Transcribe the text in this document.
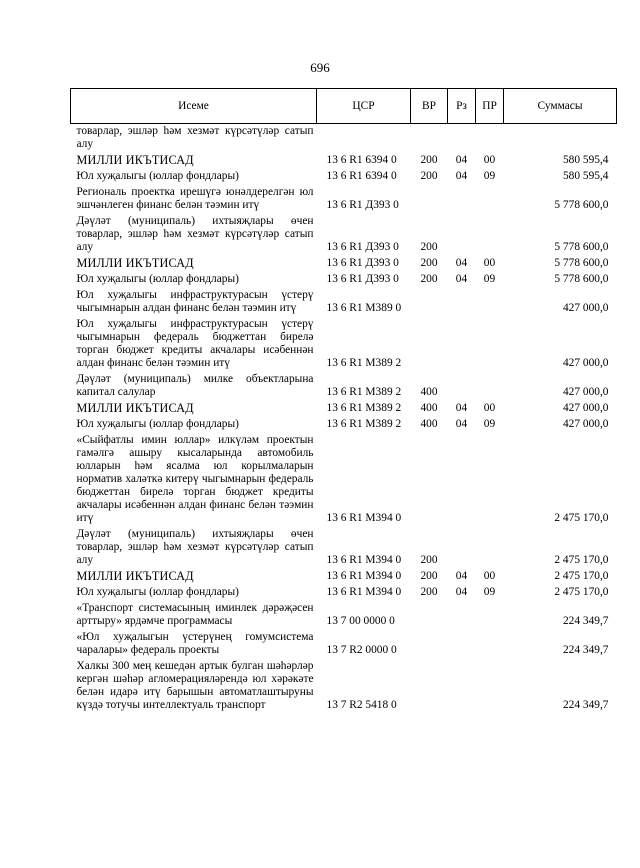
696
Исеме	ЦСР	ВР	Рз	ПР	Суммасы
товарлар, эшләр һәм хезмәт күрсәтүләр сатып алу					
МИЛЛИ ИКЪТИСАД	13 6 R1 6394 0	200	04	00	580 595,4
Юл хуҗалыгы (юллар фондлары)	13 6 R1 6394 0	200	04	09	580 595,4
Региональ проектка ирешүгә юнәлдерелгән юл эшчәнлеген финанс белән тәэмин итү	13 6 R1 Д393 0				5 778 600,0
Дәүләт (муниципаль) ихтыяҗлары өчен товарлар, эшләр һәм хезмәт күрсәтүләр сатып алу	13 6 R1 Д393 0	200			5 778 600,0
МИЛЛИ ИКЪТИСАД	13 6 R1 Д393 0	200	04	00	5 778 600,0
Юл хуҗалыгы (юллар фондлары)	13 6 R1 Д393 0	200	04	09	5 778 600,0
Юл хуҗалыгы инфраструктурасын үстерү чыгымнарын алдан финанс белән тәэмин итү	13 6 R1 M389 0				427 000,0
Юл хуҗалыгы инфраструктурасын үстерү чыгымнарын федераль бюджеттан бирелә торган бюджет кредиты акчалары исәбеннән алдан финанс белән тәэмин итү	13 6 R1 M389 2				427 000,0
Дәүләт (муниципаль) милке объектларына капитал салулар	13 6 R1 M389 2	400			427 000,0
МИЛЛИ ИКЪТИСАД	13 6 R1 M389 2	400	04	00	427 000,0
Юл хуҗалыгы (юллар фондлары)	13 6 R1 M389 2	400	04	09	427 000,0
«Сыйфатлы имин юллар» илкүләм проектын гамәлгә ашыру кысаларында автомобиль юлларын һәм ясалма юл корылмаларын норматив халәткә китерү чыгымнарын федераль бюджеттан бирелә торган бюджет кредиты акчалары исәбеннән алдан финанс белән тәэмин итү	13 6 R1 M394 0				2 475 170,0
Дәүләт (муниципаль) ихтыяҗлары өчен товарлар, эшләр һәм хезмәт күрсәтүләр сатып алу	13 6 R1 M394 0	200			2 475 170,0
МИЛЛИ ИКЪТИСАД	13 6 R1 M394 0	200	04	00	2 475 170,0
Юл хуҗалыгы (юллар фондлары)	13 6 R1 M394 0	200	04	09	2 475 170,0
«Транспорт системасының иминлек дәрәҗәсен арттыру» ярдәмче программасы	13 7 00 0000 0				224 349,7
«Юл хуҗалыгын үстерүнең гомумсистема чаралары» федераль проекты	13 7 R2 0000 0				224 349,7
Халкы 300 мең кешедән артык булган шәһәрләр кергән шәһәр агломерацияләрендә юл хәрәкәте белән идарә итү барышын автоматлаштыруны күздә тотучы интеллектуаль транспорт	13 7 R2 5418 0				224 349,7
